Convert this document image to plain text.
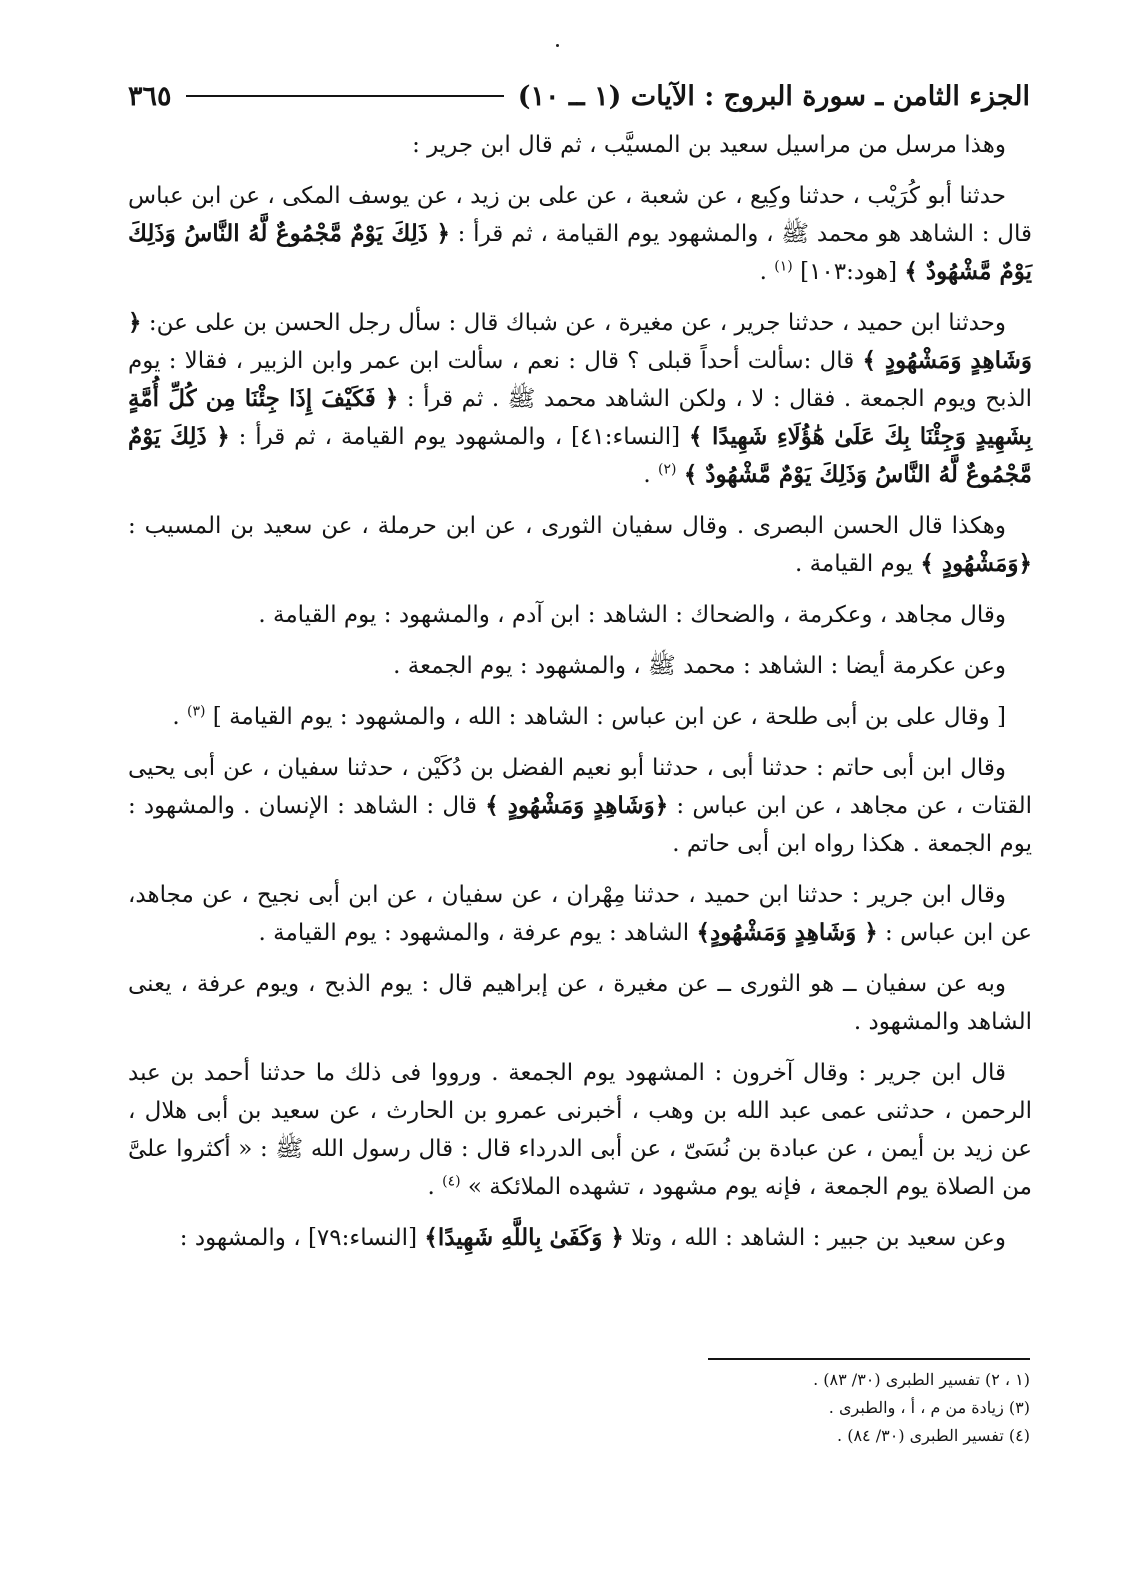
الجزء الثامن ـ سورة البروج : الآيات (١ ــ ١٠)
٣٦٥

وهذا مرسل من مراسيل سعيد بن المسيَّب ، ثم قال ابن جرير :

حدثنا أبو كُرَيْب ، حدثنا وكِيع ، عن شعبة ، عن على بن زيد ، عن يوسف المكى ، عن ابن عباس قال : الشاهد هو محمد ﷺ ، والمشهود يوم القيامة ، ثم قرأ : ﴿ ذَلِكَ يَوْمٌ مَّجْمُوعٌ لَّهُ النَّاسُ وَذَلِكَ يَوْمٌ مَّشْهُودٌ ﴾ [هود:١٠٣] $^{(١)}$ .

وحدثنا ابن حميد ، حدثنا جرير ، عن مغيرة ، عن شباك قال : سأل رجل الحسن بن على عن: ﴿ وَشَاهِدٍ وَمَشْهُودٍ ﴾ قال :سألت أحداً قبلى ؟ قال : نعم ، سألت ابن عمر وابن الزبير ، فقالا : يوم الذبح ويوم الجمعة . فقال : لا ، ولكن الشاهد محمد ﷺ . ثم قرأ : ﴿ فَكَيْفَ إِذَا جِئْنَا مِن كُلِّ أُمَّةٍ بِشَهِيدٍ وَجِئْنَا بِكَ عَلَىٰ هَٰؤُلَاءِ شَهِيدًا ﴾ [النساء:٤١] ، والمشهود يوم القيامة ، ثم قرأ : ﴿ ذَلِكَ يَوْمٌ مَّجْمُوعٌ لَّهُ النَّاسُ وَذَلِكَ يَوْمٌ مَّشْهُودٌ ﴾ $^{(٢)}$ .

وهكذا قال الحسن البصرى . وقال سفيان الثورى ، عن ابن حرملة ، عن سعيد بن المسيب : ﴿وَمَشْهُودٍ ﴾ يوم القيامة .

وقال مجاهد ، وعكرمة ، والضحاك : الشاهد : ابن آدم ، والمشهود : يوم القيامة .

وعن عكرمة أيضا : الشاهد : محمد ﷺ ، والمشهود : يوم الجمعة .

[ وقال على بن أبى طلحة ، عن ابن عباس : الشاهد : الله ، والمشهود : يوم القيامة ] $^{(٣)}$ .

وقال ابن أبى حاتم : حدثنا أبى ، حدثنا أبو نعيم الفضل بن دُكَيْن ، حدثنا سفيان ، عن أبى يحيى القتات ، عن مجاهد ، عن ابن عباس : ﴿وَشَاهِدٍ وَمَشْهُودٍ ﴾ قال : الشاهد : الإنسان . والمشهود : يوم الجمعة . هكذا رواه ابن أبى حاتم .

وقال ابن جرير : حدثنا ابن حميد ، حدثنا مِهْران ، عن سفيان ، عن ابن أبى نجيح ، عن مجاهد، عن ابن عباس : ﴿ وَشَاهِدٍ وَمَشْهُودٍ﴾ الشاهد : يوم عرفة ، والمشهود : يوم القيامة .

وبه عن سفيان ــ هو الثورى ــ عن مغيرة ، عن إبراهيم قال : يوم الذبح ، ويوم عرفة ، يعنى الشاهد والمشهود .

قال ابن جرير : وقال آخرون : المشهود يوم الجمعة . ورووا فى ذلك ما حدثنا أحمد بن عبد الرحمن ، حدثنى عمى عبد الله بن وهب ، أخبرنى عمرو بن الحارث ، عن سعيد بن أبى هلال ، عن زيد بن أيمن ، عن عبادة بن نُسَىّ ، عن أبى الدرداء قال : قال رسول الله ﷺ : « أكثروا علىَّ من الصلاة يوم الجمعة ، فإنه يوم مشهود ، تشهده الملائكة » $^{(٤)}$ .

وعن سعيد بن جبير : الشاهد : الله ، وتلا ﴿ وَكَفَىٰ بِاللَّهِ شَهِيدًا﴾ [النساء:٧٩] ، والمشهود :

(١ ، ٢) تفسير الطبرى (٣٠/ ٨٣) .
(٣) زيادة من م ، أ ، والطبرى .
(٤) تفسير الطبرى (٣٠/ ٨٤) .
